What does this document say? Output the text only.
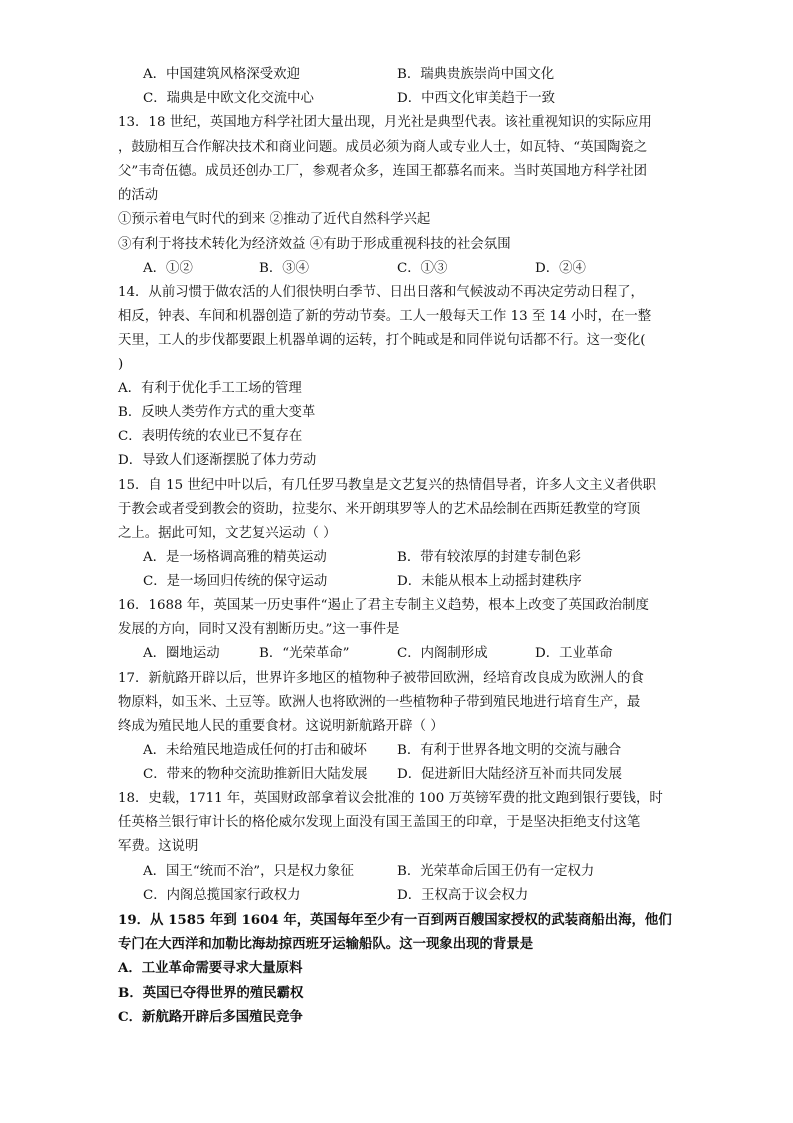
A．中国建筑风格深受欢迎	B．瑞典贵族崇尚中国文化
C．瑞典是中欧文化交流中心	D．中西文化审美趋于一致
13．18 世纪，英国地方科学社团大量出现，月光社是典型代表。该社重视知识的实际应用
，鼓励相互合作解决技术和商业问题。成员必须为商人或专业人士，如瓦特、“英国陶瓷之
父”韦奇伍德。成员还创办工厂，参观者众多，连国王都慕名而来。当时英国地方科学社团
的活动
①预示着电气时代的到来 ②推动了近代自然科学兴起
③有利于将技术转化为经济效益 ④有助于形成重视科技的社会氛围
A．①②	B．③④	C．①③	D．②④
14．从前习惯于做农活的人们很快明白季节、日出日落和气候波动不再决定劳动日程了，
相反，钟表、车间和机器创造了新的劳动节奏。工人一般每天工作 13 至 14 小时，在一整
天里，工人的步伐都要跟上机器单调的运转，打个盹或是和同伴说句话都不行。这一变化(
)
A．有利于优化手工工场的管理
B．反映人类劳作方式的重大变革
C．表明传统的农业已不复存在
D．导致人们逐渐摆脱了体力劳动
15．自 15 世纪中叶以后，有几任罗马教皇是文艺复兴的热情倡导者，许多人文主义者供职
于教会或者受到教会的资助，拉斐尔、米开朗琪罗等人的艺术品绘制在西斯廷教堂的穹顶
之上。据此可知，文艺复兴运动（ ）
A．是一场格调高雅的精英运动	B．带有较浓厚的封建专制色彩
C．是一场回归传统的保守运动	D．未能从根本上动摇封建秩序
16．1688 年，英国某一历史事件“遏止了君主专制主义趋势，根本上改变了英国政治制度
发展的方向，同时又没有割断历史。”这一事件是
A．圈地运动	B．“光荣革命”	C．内阁制形成	D．工业革命
17．新航路开辟以后，世界许多地区的植物种子被带回欧洲，经培育改良成为欧洲人的食
物原料，如玉米、土豆等。欧洲人也将欧洲的一些植物种子带到殖民地进行培育生产，最
终成为殖民地人民的重要食材。这说明新航路开辟（ ）
A．未给殖民地造成任何的打击和破坏 B．有利于世界各地文明的交流与融合
C．带来的物种交流助推新旧大陆发展 D．促进新旧大陆经济互补而共同发展
18．史载，1711 年，英国财政部拿着议会批准的 100 万英镑军费的批文跑到银行要钱，时
任英格兰银行审计长的格伦威尔发现上面没有国王盖国王的印章，于是坚决拒绝支付这笔
军费。这说明
A．国王“统而不治”，只是权力象征	B．光荣革命后国王仍有一定权力
C．内阁总揽国家行政权力	D．王权高于议会权力
19．从 1585 年到 1604 年，英国每年至少有一百到两百艘国家授权的武装商船出海，他们
专门在大西洋和加勒比海劫掠西班牙运输船队。这一现象出现的背景是
A．工业革命需要寻求大量原料
B．英国已夺得世界的殖民霸权
C．新航路开辟后多国殖民竞争
